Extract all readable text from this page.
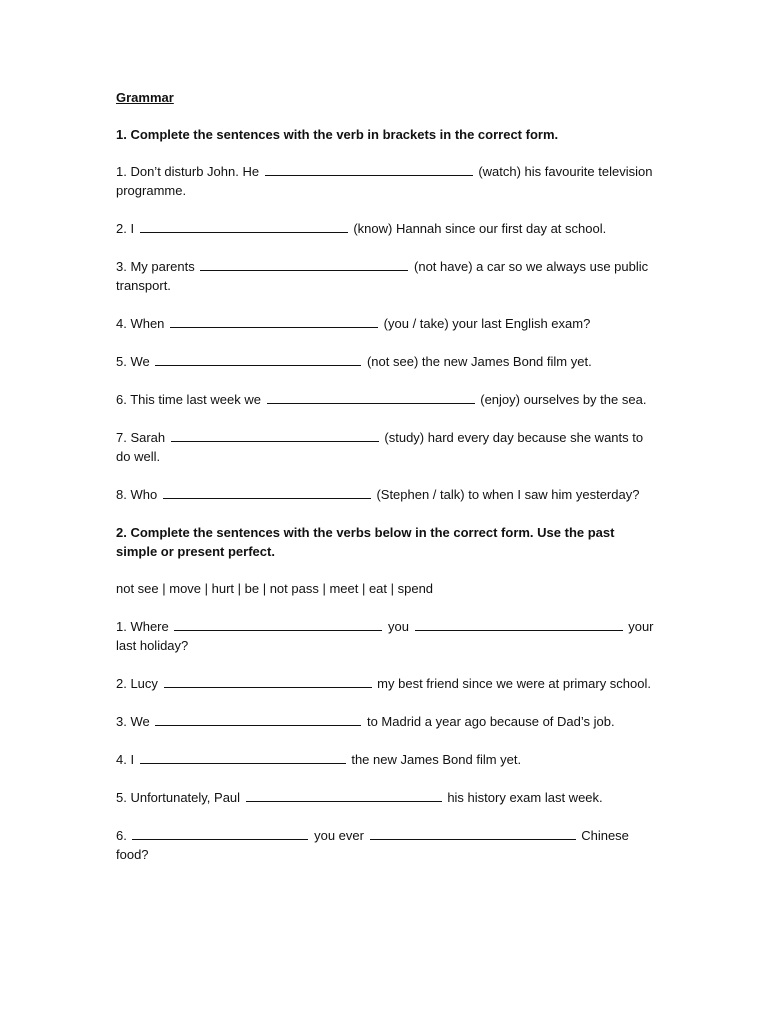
Grammar
1. Complete the sentences with the verb in brackets in the correct form.
1. Don’t disturb John. He	(watch) his favourite television programme.
2. I	(know) Hannah since our first day at school.
3. My parents	(not have) a car so we always use public transport.
4. When	(you / take) your last English exam?
5. We	(not see) the new James Bond film yet.
6. This time last week we	(enjoy) ourselves by the sea.
7. Sarah	(study) hard every day because she wants to do well.
8. Who	(Stephen / talk) to when I saw him yesterday?
2. Complete the sentences with the verbs below in the correct form. Use the past simple or present perfect.
not see | move | hurt | be | not pass | meet | eat | spend
1. Where	you	your last holiday?
2. Lucy	my best friend since we were at primary school.
3. We	to Madrid a year ago because of Dad’s job.
4. I	the new James Bond film yet.
5. Unfortunately, Paul	his history exam last week.
6.	you ever	Chinese food?
